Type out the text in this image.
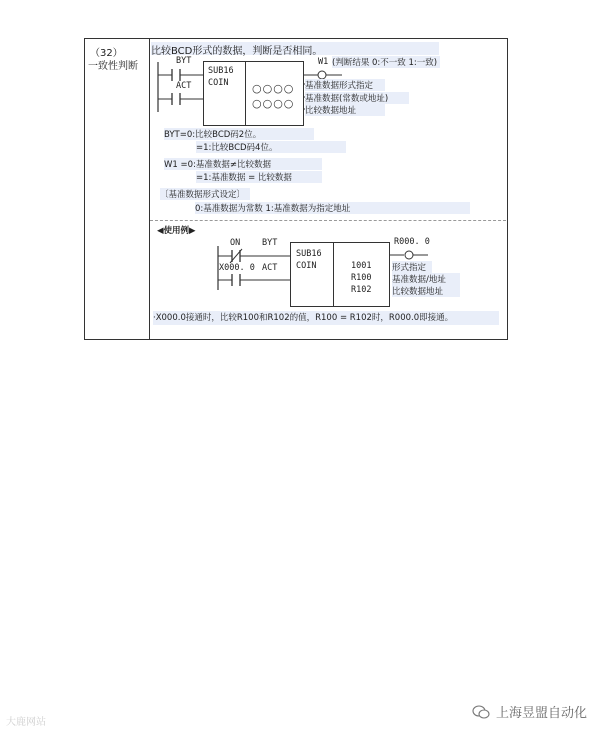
（32）
一致性判断
比较BCD形式的数据，判断是否相同。
BYT
ACT
SUB16
COIN ○○○○
○○○○
W1 (判断结果 0:不一致 1:一致)
基准数据形式指定
基准数据(常数或地址)
比较数据地址
BYT=0:比较BCD码2位。
=1:比较BCD码4位。
W1 =0:基准数据≠比较数据
=1:基准数据 = 比较数据
〔基准数据形式设定〕
0:基准数据为常数 1:基准数据为指定地址
◀使用例▶
ON	BYT
X000. 0 ACT
SUB16
COIN	1001
R100
R102
R000. 0
形式指定
基准数据/地址
比较数据地址
·X000.0接通时，比较R100和R102的值，R100 = R102时，R000.0即接通。
大鹿网站
上海昱盟自动化
